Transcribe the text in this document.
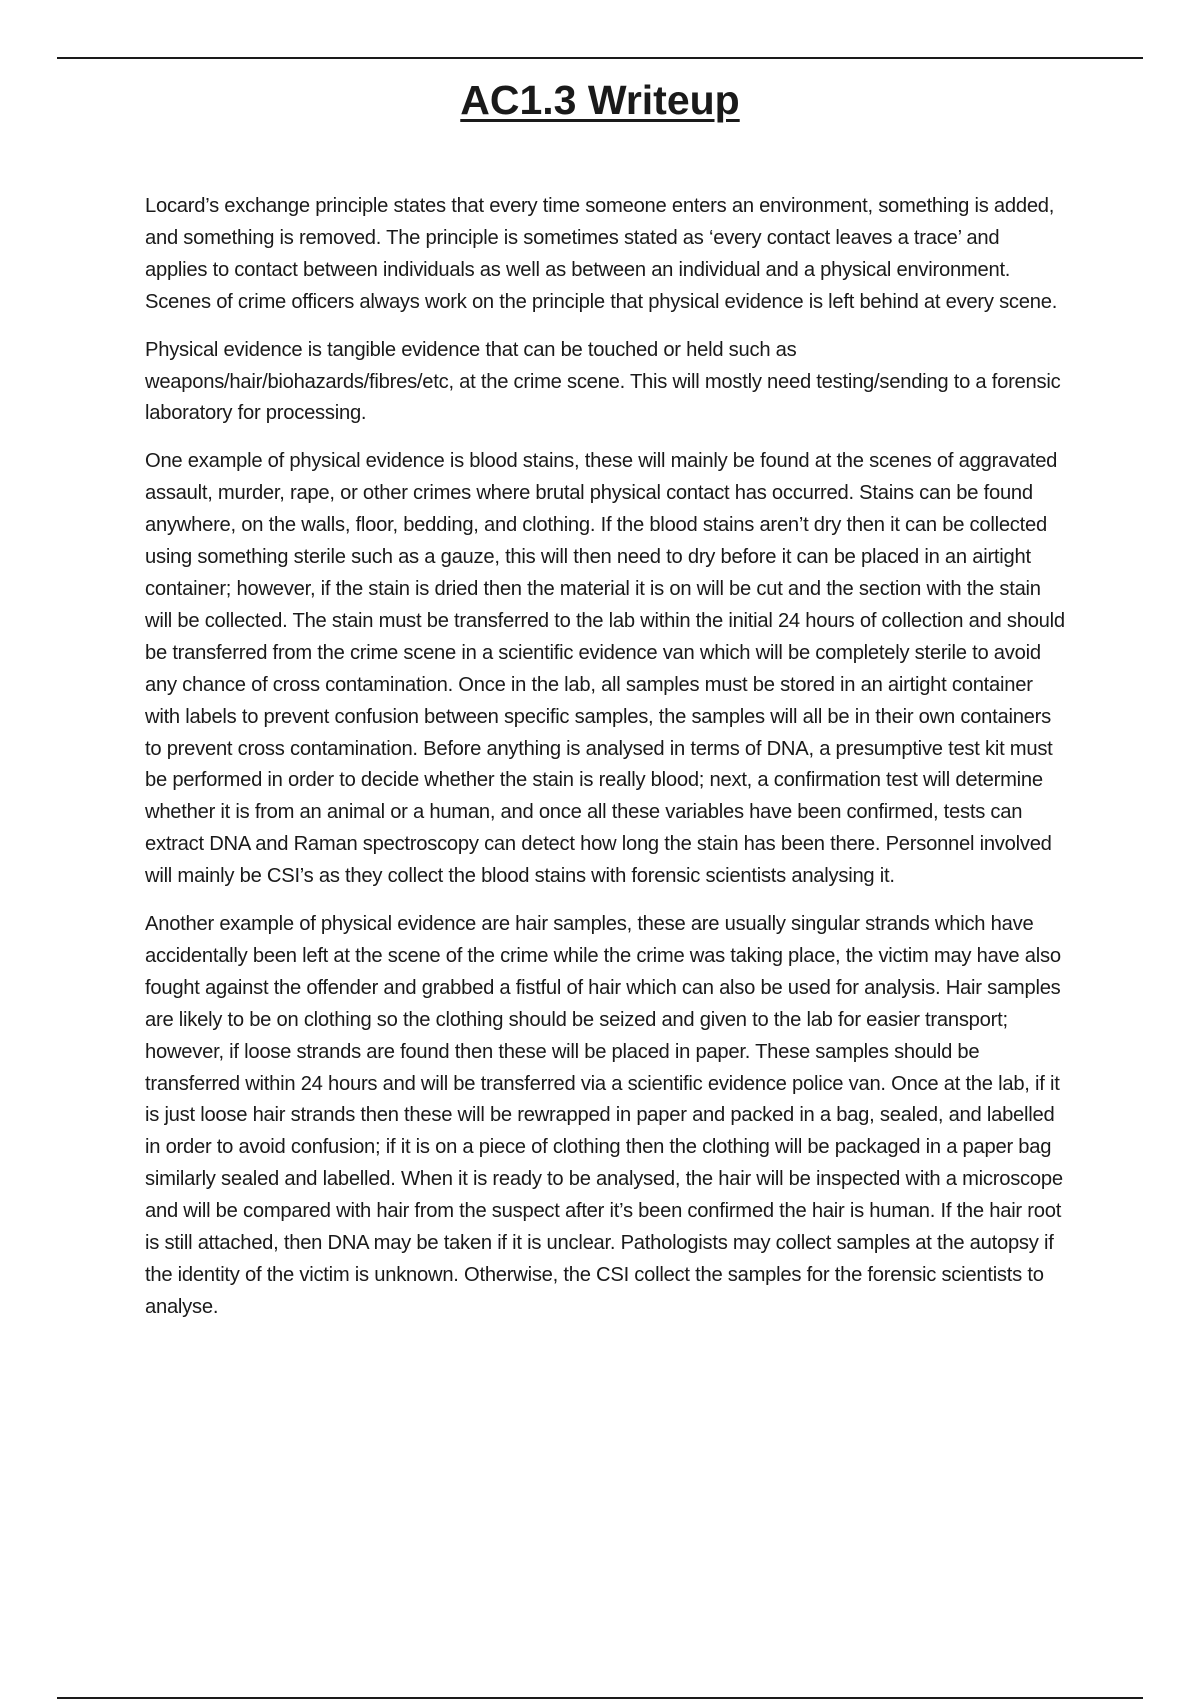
AC1.3 Writeup

Locard’s exchange principle states that every time someone enters an environment, something is added, and something is removed. The principle is sometimes stated as ‘every contact leaves a trace’ and applies to contact between individuals as well as between an individual and a physical environment. Scenes of crime officers always work on the principle that physical evidence is left behind at every scene.

Physical evidence is tangible evidence that can be touched or held such as weapons/hair/biohazards/fibres/etc, at the crime scene. This will mostly need testing/sending to a forensic laboratory for processing.

One example of physical evidence is blood stains, these will mainly be found at the scenes of aggravated assault, murder, rape, or other crimes where brutal physical contact has occurred. Stains can be found anywhere, on the walls, floor, bedding, and clothing. If the blood stains aren’t dry then it can be collected using something sterile such as a gauze, this will then need to dry before it can be placed in an airtight container; however, if the stain is dried then the material it is on will be cut and the section with the stain will be collected. The stain must be transferred to the lab within the initial 24 hours of collection and should be transferred from the crime scene in a scientific evidence van which will be completely sterile to avoid any chance of cross contamination. Once in the lab, all samples must be stored in an airtight container with labels to prevent confusion between specific samples, the samples will all be in their own containers to prevent cross contamination. Before anything is analysed in terms of DNA, a presumptive test kit must be performed in order to decide whether the stain is really blood; next, a confirmation test will determine whether it is from an animal or a human, and once all these variables have been confirmed, tests can extract DNA and Raman spectroscopy can detect how long the stain has been there. Personnel involved will mainly be CSI’s as they collect the blood stains with forensic scientists analysing it.

Another example of physical evidence are hair samples, these are usually singular strands which have accidentally been left at the scene of the crime while the crime was taking place, the victim may have also fought against the offender and grabbed a fistful of hair which can also be used for analysis. Hair samples are likely to be on clothing so the clothing should be seized and given to the lab for easier transport; however, if loose strands are found then these will be placed in paper. These samples should be transferred within 24 hours and will be transferred via a scientific evidence police van. Once at the lab, if it is just loose hair strands then these will be rewrapped in paper and packed in a bag, sealed, and labelled in order to avoid confusion; if it is on a piece of clothing then the clothing will be packaged in a paper bag similarly sealed and labelled. When it is ready to be analysed, the hair will be inspected with a microscope and will be compared with hair from the suspect after it’s been confirmed the hair is human. If the hair root is still attached, then DNA may be taken if it is unclear. Pathologists may collect samples at the autopsy if the identity of the victim is unknown. Otherwise, the CSI collect the samples for the forensic scientists to analyse.
